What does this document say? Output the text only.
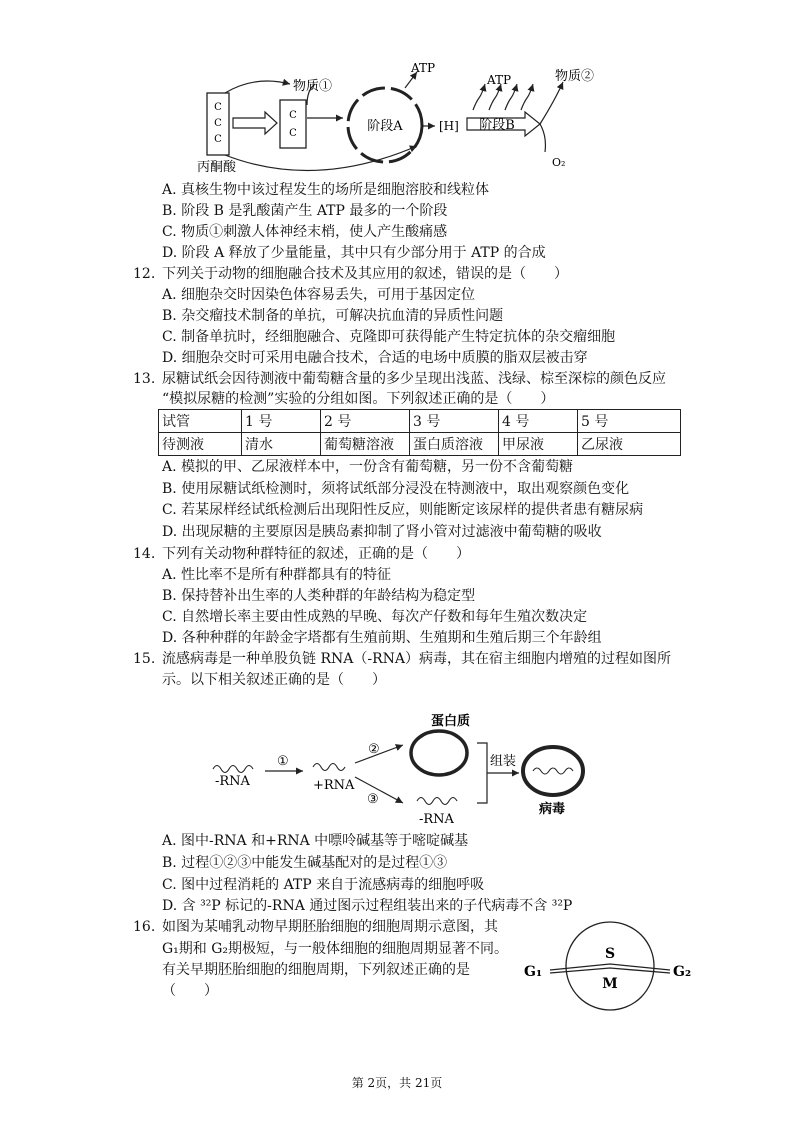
C
C
C
丙酮酸
C
C
物质①
阶段A
ATP
[H] 阶段B
ATP	物质②
O₂
A. 真核生物中该过程发生的场所是细胞溶胶和线粒体
B. 阶段 B 是乳酸菌产生 ATP 最多的一个阶段
C. 物质①刺激人体神经末梢，使人产生酸痛感
D. 阶段 A 释放了少量能量，其中只有少部分用于 ATP 的合成
12. 下列关于动物的细胞融合技术及其应用的叙述，错误的是（　　）
A. 细胞杂交时因染色体容易丢失，可用于基因定位
B. 杂交瘤技术制备的单抗，可解决抗血清的异质性问题
C. 制备单抗时，经细胞融合、克隆即可获得能产生特定抗体的杂交瘤细胞
D. 细胞杂交时可采用电融合技术，合适的电场中质膜的脂双层被击穿
13. 尿糖试纸会因待测液中葡萄糖含量的多少呈现出浅蓝、浅绿、棕至深棕的颜色反应
“模拟尿糖的检测”实验的分组如图。下列叙述正确的是（　　）
试管	1 号	2 号	3 号	4 号	5 号
待测液	清水	葡萄糖溶液	蛋白质溶液	甲尿液	乙尿液
A. 模拟的甲、乙尿液样本中，一份含有葡萄糖，另一份不含葡萄糖
B. 使用尿糖试纸检测时，须将试纸部分浸没在特测液中，取出观察颜色变化
C. 若某尿样经试纸检测后出现阳性反应，则能断定该尿样的提供者患有糖尿病
D. 出现尿糖的主要原因是胰岛素抑制了肾小管对过滤液中葡萄糖的吸收
14. 下列有关动物种群特征的叙述，正确的是（　　）
A. 性比率不是所有种群都具有的特征
B. 保持替补出生率的人类种群的年龄结构为稳定型
C. 自然增长率主要由性成熟的早晚、每次产仔数和每年生殖次数决定
D. 各种种群的年龄金字塔都有生殖前期、生殖期和生殖后期三个年龄组
15. 流感病毒是一种单股负链 RNA（-RNA）病毒，其在宿主细胞内增殖的过程如图所
示。以下相关叙述正确的是（　　）
-RNA
①
+RNA
②
③
蛋白质
-RNA
组装
病毒
A. 图中-RNA 和+RNA 中嘌呤碱基等于嘧啶碱基
B. 过程①②③中能发生碱基配对的是过程①③
C. 图中过程消耗的 ATP 来自于流感病毒的细胞呼吸
D. 含 ³²P 标记的-RNA 通过图示过程组装出来的子代病毒不含 ³²P
16. 如图为某哺乳动物早期胚胎细胞的细胞周期示意图，其
G₁期和 G₂期极短，与一般体细胞的细胞周期显著不同。
有关早期胚胎细胞的细胞周期，下列叙述正确的是
（　　）
S
M
G₁	G₂
第 2页，共 21页
